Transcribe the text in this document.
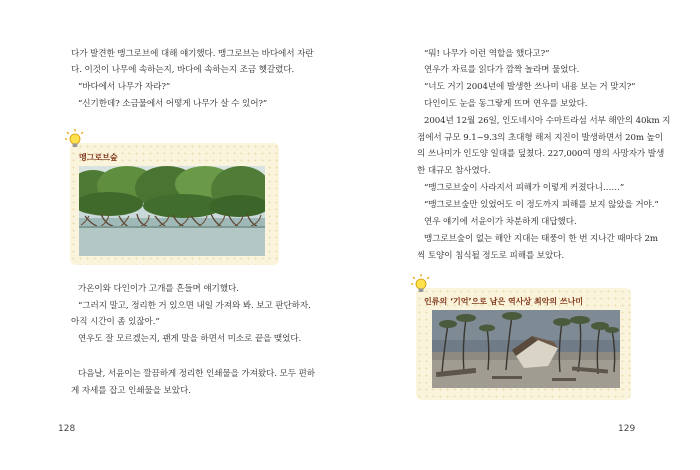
다가 발견한 맹그로브에 대해 얘기했다. 맹그로브는 바다에서 자란

다. 이것이 나무에 속하는지, 바다에 속하는지 조금 헷갈렸다.

“바다에서 나무가 자라?”

“신기한데? 소금물에서 어떻게 나무가 살 수 있어?”

맹그로브숲

가온이와 다인이가 고개를 흔들며 얘기했다.

“그러지 말고, 정리한 거 있으면 내일 가져와 봐. 보고 판단하자.

아직 시간이 좀 있잖아.”

연우도 잘 모르겠는지, 괜게 말을 하면서 미소로 끝을 맺었다.

다음날, 서윤이는 깔끔하게 정리한 인쇄물을 가져왔다. 모두 편하

게 자세를 잡고 인쇄물을 보았다.

128

“뭐! 나무가 이런 역할을 했다고?”

연우가 자료를 읽다가 깜짝 놀라며 물었다.

“너도 거기 2004년에 발생한 쓰나미 내용 보는 거 맞지?”

다인이도 눈을 동그랗게 뜨며 연우를 보았다.

2004년 12월 26일, 인도네시아 수마트라섬 서부 해안의 40km 지

점에서 규모 9.1~9.3의 초대형 해저 지진이 발생하면서 20m 높이

의 쓰나미가 인도양 일대를 덮쳤다. 227,000여 명의 사망자가 발생

한 대규모 참사였다.

“맹그로브숲이 사라지서 피해가 이렇게 커졌다니……”

“맹그로브숲만 있었어도 이 정도까지 피해를 보지 않았을 거야.”

연우 얘기에 서윤이가 차분하게 대답했다.

맹그로브숲이 없는 해안 지대는 태풍이 한 번 지나간 때마다 2m

씩 토양이 침식될 정도로 피해를 보았다.

인류의 ‘기억’으로 남은 역사상 최악의 쓰나미
129
